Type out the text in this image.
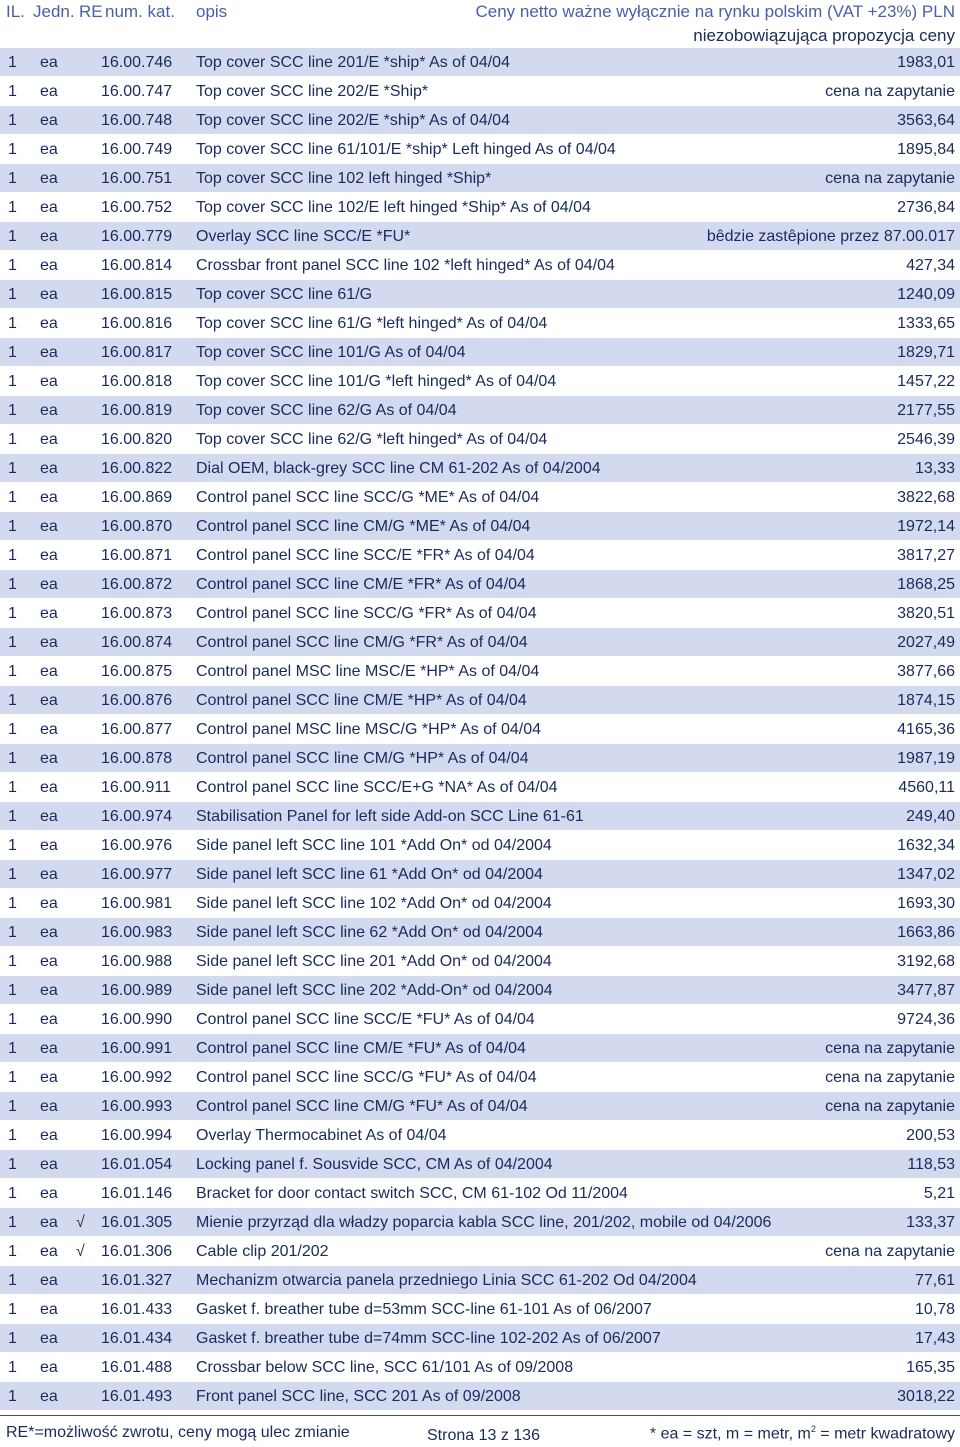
IL. Jedn. RE num. kat. opis	Ceny netto ważne wyłącznie na rynku polskim (VAT +23%) PLN
niezobowiązująca propozycja ceny
1 ea	16.00.746 Top cover SCC line 201/E *ship* As of 04/04	1983,01
1 ea	16.00.747 Top cover SCC line 202/E *Ship*	cena na zapytanie
1 ea	16.00.748 Top cover SCC line 202/E *ship* As of 04/04	3563,64
1 ea	16.00.749 Top cover SCC line 61/101/E *ship* Left hinged As of 04/04	1895,84
1 ea	16.00.751 Top cover SCC line 102 left hinged *Ship*	cena na zapytanie
1 ea	16.00.752 Top cover SCC line 102/E left hinged *Ship* As of 04/04	2736,84
1 ea	16.00.779 Overlay SCC line SCC/E *FU*	bêdzie zastêpione przez 87.00.017
1 ea	16.00.814 Crossbar front panel SCC line 102 *left hinged* As of 04/04	427,34
1 ea	16.00.815 Top cover SCC line 61/G	1240,09
1 ea	16.00.816 Top cover SCC line 61/G *left hinged* As of 04/04	1333,65
1 ea	16.00.817 Top cover SCC line 101/G As of 04/04	1829,71
1 ea	16.00.818 Top cover SCC line 101/G *left hinged* As of 04/04	1457,22
1 ea	16.00.819 Top cover SCC line 62/G As of 04/04	2177,55
1 ea	16.00.820 Top cover SCC line 62/G *left hinged* As of 04/04	2546,39
1 ea	16.00.822 Dial OEM, black-grey SCC line CM 61-202 As of 04/2004	13,33
1 ea	16.00.869 Control panel SCC line SCC/G *ME* As of 04/04	3822,68
1 ea	16.00.870 Control panel SCC line CM/G *ME* As of 04/04	1972,14
1 ea	16.00.871 Control panel SCC line SCC/E *FR* As of 04/04	3817,27
1 ea	16.00.872 Control panel SCC line CM/E *FR* As of 04/04	1868,25
1 ea	16.00.873 Control panel SCC line SCC/G *FR* As of 04/04	3820,51
1 ea	16.00.874 Control panel SCC line CM/G *FR* As of 04/04	2027,49
1 ea	16.00.875 Control panel MSC line MSC/E *HP* As of 04/04	3877,66
1 ea	16.00.876 Control panel SCC line CM/E *HP* As of 04/04	1874,15
1 ea	16.00.877 Control panel MSC line MSC/G *HP* As of 04/04	4165,36
1 ea	16.00.878 Control panel SCC line CM/G *HP* As of 04/04	1987,19
1 ea	16.00.911 Control panel SCC line SCC/E+G *NA* As of 04/04	4560,11
1 ea	16.00.974 Stabilisation Panel for left side Add-on SCC Line 61-61	249,40
1 ea	16.00.976 Side panel left SCC line 101 *Add On* od 04/2004	1632,34
1 ea	16.00.977 Side panel left SCC line 61 *Add On* od 04/2004	1347,02
1 ea	16.00.981 Side panel left SCC line 102 *Add On* od 04/2004	1693,30
1 ea	16.00.983 Side panel left SCC line 62 *Add On* od 04/2004	1663,86
1 ea	16.00.988 Side panel left SCC line 201 *Add On* od 04/2004	3192,68
1 ea	16.00.989 Side panel left SCC line 202 *Add-On* od 04/2004	3477,87
1 ea	16.00.990 Control panel SCC line SCC/E *FU* As of 04/04	9724,36
1 ea	16.00.991 Control panel SCC line CM/E *FU* As of 04/04	cena na zapytanie
1 ea	16.00.992 Control panel SCC line SCC/G *FU* As of 04/04	cena na zapytanie
1 ea	16.00.993 Control panel SCC line CM/G *FU* As of 04/04	cena na zapytanie
1 ea	16.00.994 Overlay Thermocabinet As of 04/04	200,53
1 ea	16.01.054 Locking panel f. Sousvide SCC, CM As of 04/2004	118,53
1 ea	16.01.146 Bracket for door contact switch SCC, CM 61-102 Od 11/2004	5,21
1 ea √ 16.01.305 Mienie przyrząd dla władzy poparcia kabla SCC line, 201/202, mobile od 04/2006	133,37
1 ea √ 16.01.306 Cable clip 201/202	cena na zapytanie
1 ea	16.01.327 Mechanizm otwarcia panela przedniego Linia SCC 61-202 Od 04/2004	77,61
1 ea	16.01.433 Gasket f. breather tube d=53mm SCC-line 61-101 As of 06/2007	10,78
1 ea	16.01.434 Gasket f. breather tube d=74mm SCC-line 102-202 As of 06/2007	17,43
1 ea	16.01.488 Crossbar below SCC line, SCC 61/101 As of 09/2008	165,35
1 ea	16.01.493 Front panel SCC line, SCC 201 As of 09/2008	3018,22
RE*=możliwość zwrotu, ceny mogą ulec zmianie	Strona 13 z 136	* ea = szt, m = metr, $m^2$ = metr kwadratowy
